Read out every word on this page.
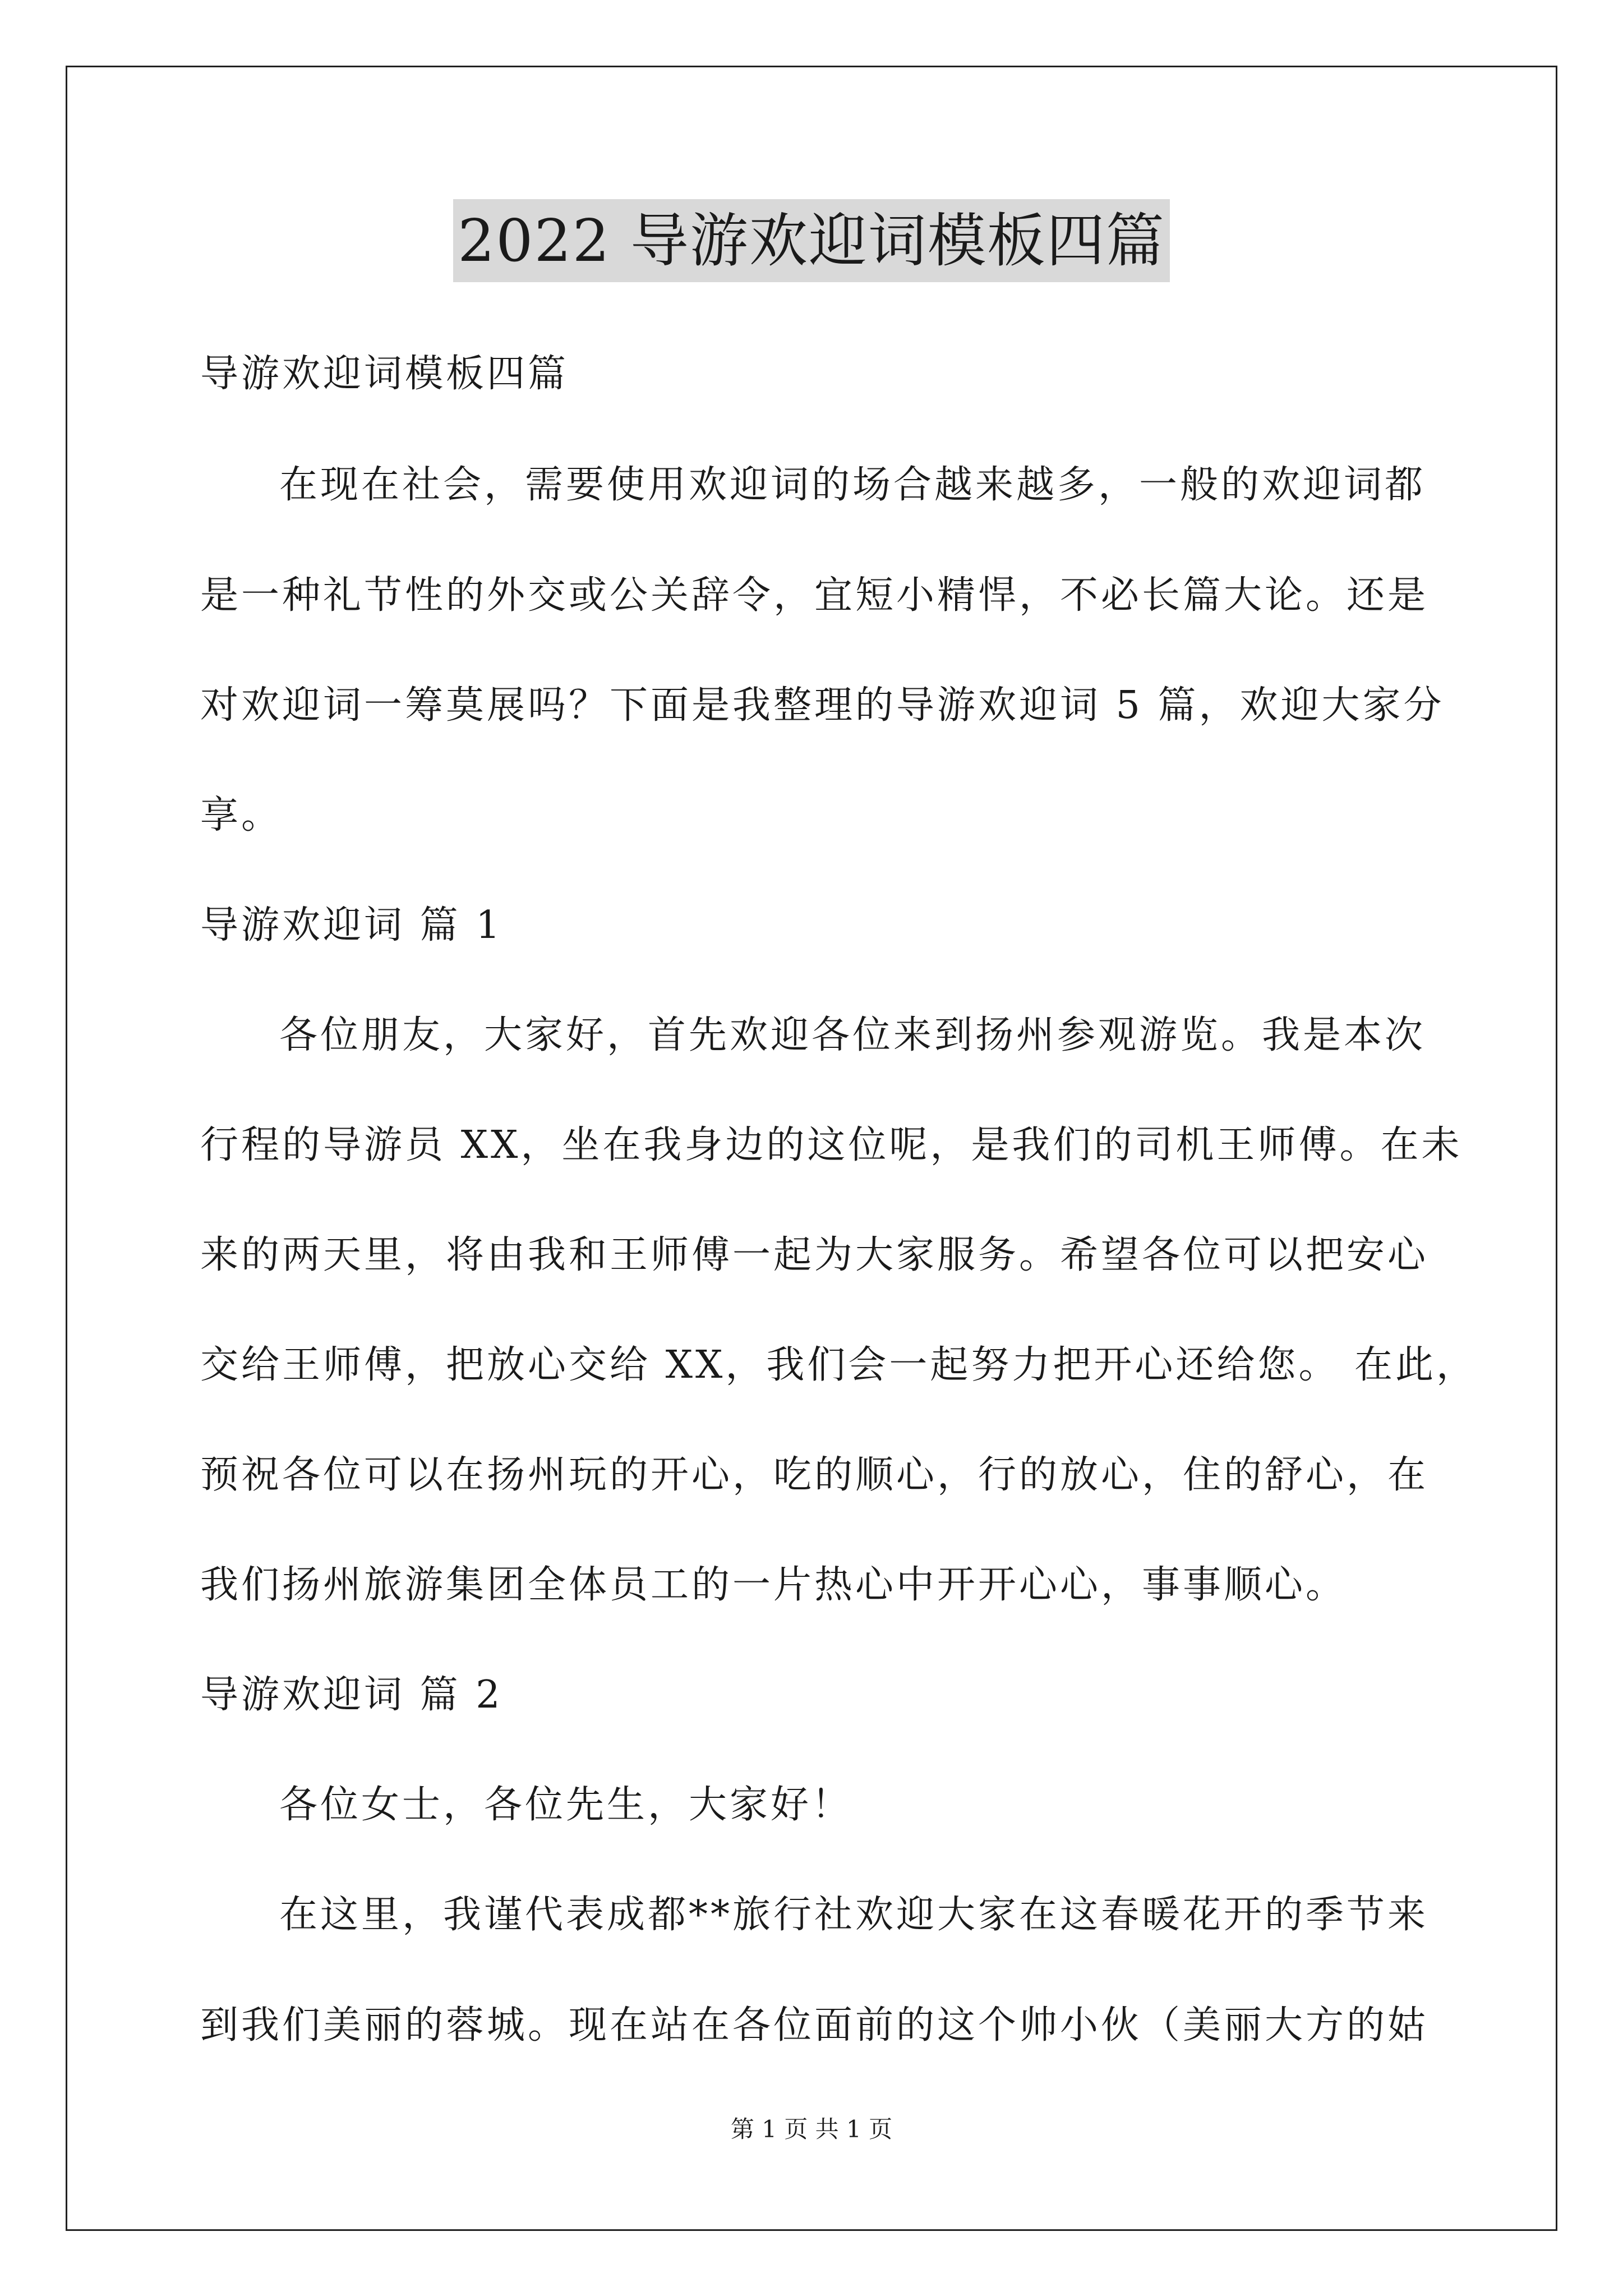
2022 导游欢迎词模板四篇
导游欢迎词模板四篇
在现在社会，需要使用欢迎词的场合越来越多，一般的欢迎词都
是一种礼节性的外交或公关辞令，宜短小精悍，不必长篇大论。还是
对欢迎词一筹莫展吗？下面是我整理的导游欢迎词 5 篇，欢迎大家分
享。
导游欢迎词 篇 1
各位朋友，大家好，首先欢迎各位来到扬州参观游览。我是本次
行程的导游员 XX，坐在我身边的这位呢，是我们的司机王师傅。在未
来的两天里，将由我和王师傅一起为大家服务。希望各位可以把安心
交给王师傅，把放心交给 XX，我们会一起努力把开心还给您。 在此，
预祝各位可以在扬州玩的开心，吃的顺心，行的放心，住的舒心，在
我们扬州旅游集团全体员工的一片热心中开开心心，事事顺心。
导游欢迎词 篇 2
各位女士，各位先生，大家好！
在这里，我谨代表成都**旅行社欢迎大家在这春暖花开的季节来
到我们美丽的蓉城。现在站在各位面前的这个帅小伙（美丽大方的姑
第 1 页 共 1 页
